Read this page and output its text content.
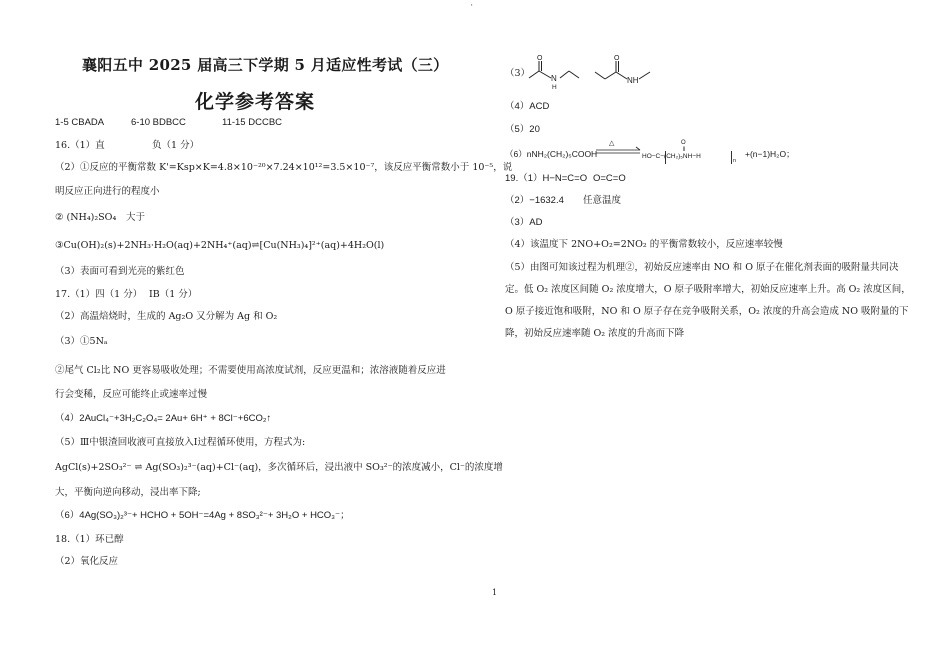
'
襄阳五中 2025 届高三下学期 5 月适应性考试（三）
化学参考答案
1-5 CBADA	6-10 BDBCC	11-15 DCCBC
16.（1）直	负（1 分）
（2）①反应的平衡常数 K'=Ksp×K=4.8×10⁻²⁰×7.24×10¹²=3.5×10⁻⁷，该反应平衡常数小于 10⁻⁵，说
明反应正向进行的程度小
② (NH₄)₂SO₄ 大于
③Cu(OH)₂(s)+2NH₃·H₂O(aq)+2NH₄⁺(aq)⇌[Cu(NH₃)₄]²⁺(aq)+4H₂O(l)
（3）表面可看到光亮的紫红色
17.（1）四（1 分） ⅠB（1 分）
（2）高温焙烧时，生成的 Ag₂O 又分解为 Ag 和 O₂
（3）①5Nₐ
②尾气 Cl₂比 NO 更容易吸收处理；不需要使用高浓度试剂，反应更温和；浓溶液随着反应进
行会变稀，反应可能终止或速率过慢
（4）2AuCl₄⁻+3H₂C₂O₄= 2Au+ 6H⁺ + 8Cl⁻+6CO₂↑
（5）Ⅲ中银渣回收液可直接放入Ⅰ过程循环使用，方程式为:
AgCl(s)+2SO₃²⁻ ⇌ Ag(SO₃)₂³⁻(aq)+Cl⁻(aq)，多次循环后，浸出液中 SO₃²⁻的浓度减小，Cl⁻的浓度增
大，平衡向逆向移动，浸出率下降;
（6）4Ag(SO₃)₂³⁻+ HCHO + 5OH⁻=4Ag + 8SO₃²⁻+ 3H₂O + HCO₃⁻；
18.（1）环已醇
（2）氧化反应
（3）
O
N
H
O
NH
（4）ACD
（5）20
（6）nNH₂(CH₂)₅COOH
△	O
‖
HO−C−(CH₂)₅NH−H
n
+(n−1)H₂O；
19.（1）H−N=C=O O=C=O
（2）−1632.4 任意温度
（3）AD
（4）该温度下 2NO+O₂=2NO₂ 的平衡常数较小，反应速率较慢
（5）由图可知该过程为机理②，初始反应速率由 NO 和 O 原子在催化剂表面的吸附量共同决
定。低 O₂ 浓度区间随 O₂ 浓度增大，O 原子吸附率增大，初始反应速率上升。高 O₂ 浓度区间，
O 原子接近饱和吸附，NO 和 O 原子存在竞争吸附关系，O₂ 浓度的升高会造成 NO 吸附量的下
降，初始反应速率随 O₂ 浓度的升高而下降
1
